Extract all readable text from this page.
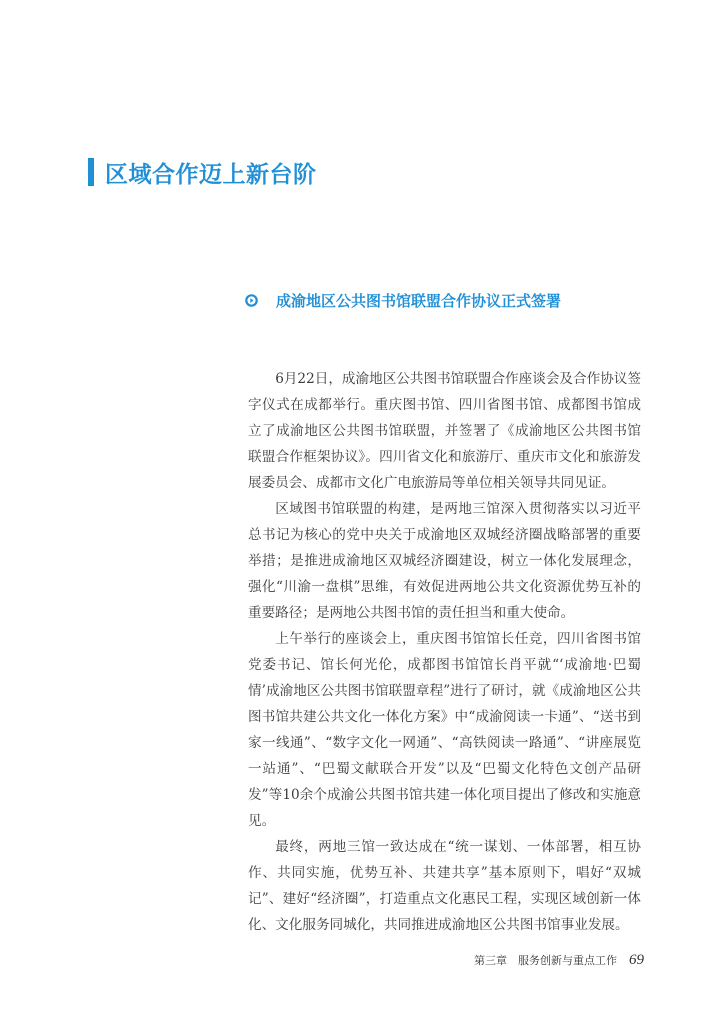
区域合作迈上新台阶
成渝地区公共图书馆联盟合作协议正式签署

6月22日，成渝地区公共图书馆联盟合作座谈会及合作协议签字仪式在成都举行。重庆图书馆、四川省图书馆、成都图书馆成立了成渝地区公共图书馆联盟，并签署了《成渝地区公共图书馆联盟合作框架协议》。四川省文化和旅游厅、重庆市文化和旅游发展委员会、成都市文化广电旅游局等单位相关领导共同见证。

区域图书馆联盟的构建，是两地三馆深入贯彻落实以习近平总书记为核心的党中央关于成渝地区双城经济圈战略部署的重要举措；是推进成渝地区双城经济圈建设，树立一体化发展理念，强化“川渝一盘棋”思维，有效促进两地公共文化资源优势互补的重要路径；是两地公共图书馆的责任担当和重大使命。

上午举行的座谈会上，重庆图书馆馆长任竞，四川省图书馆党委书记、馆长何光伦，成都图书馆馆长肖平就“‘成渝地·巴蜀情’成渝地区公共图书馆联盟章程”进行了研讨，就《成渝地区公共图书馆共建公共文化一体化方案》中“成渝阅读一卡通”、“送书到家一线通”、“数字文化一网通”、“高铁阅读一路通”、“讲座展览一站通”、“巴蜀文献联合开发”以及“巴蜀文化特色文创产品研发”等10余个成渝公共图书馆共建一体化项目提出了修改和实施意见。

最终，两地三馆一致达成在“统一谋划、一体部署，相互协作、共同实施，优势互补、共建共享”基本原则下，唱好“双城记”、建好“经济圈”，打造重点文化惠民工程，实现区域创新一体化、文化服务同城化，共同推进成渝地区公共图书馆事业发展。

第三章　服务创新与重点工作 69
